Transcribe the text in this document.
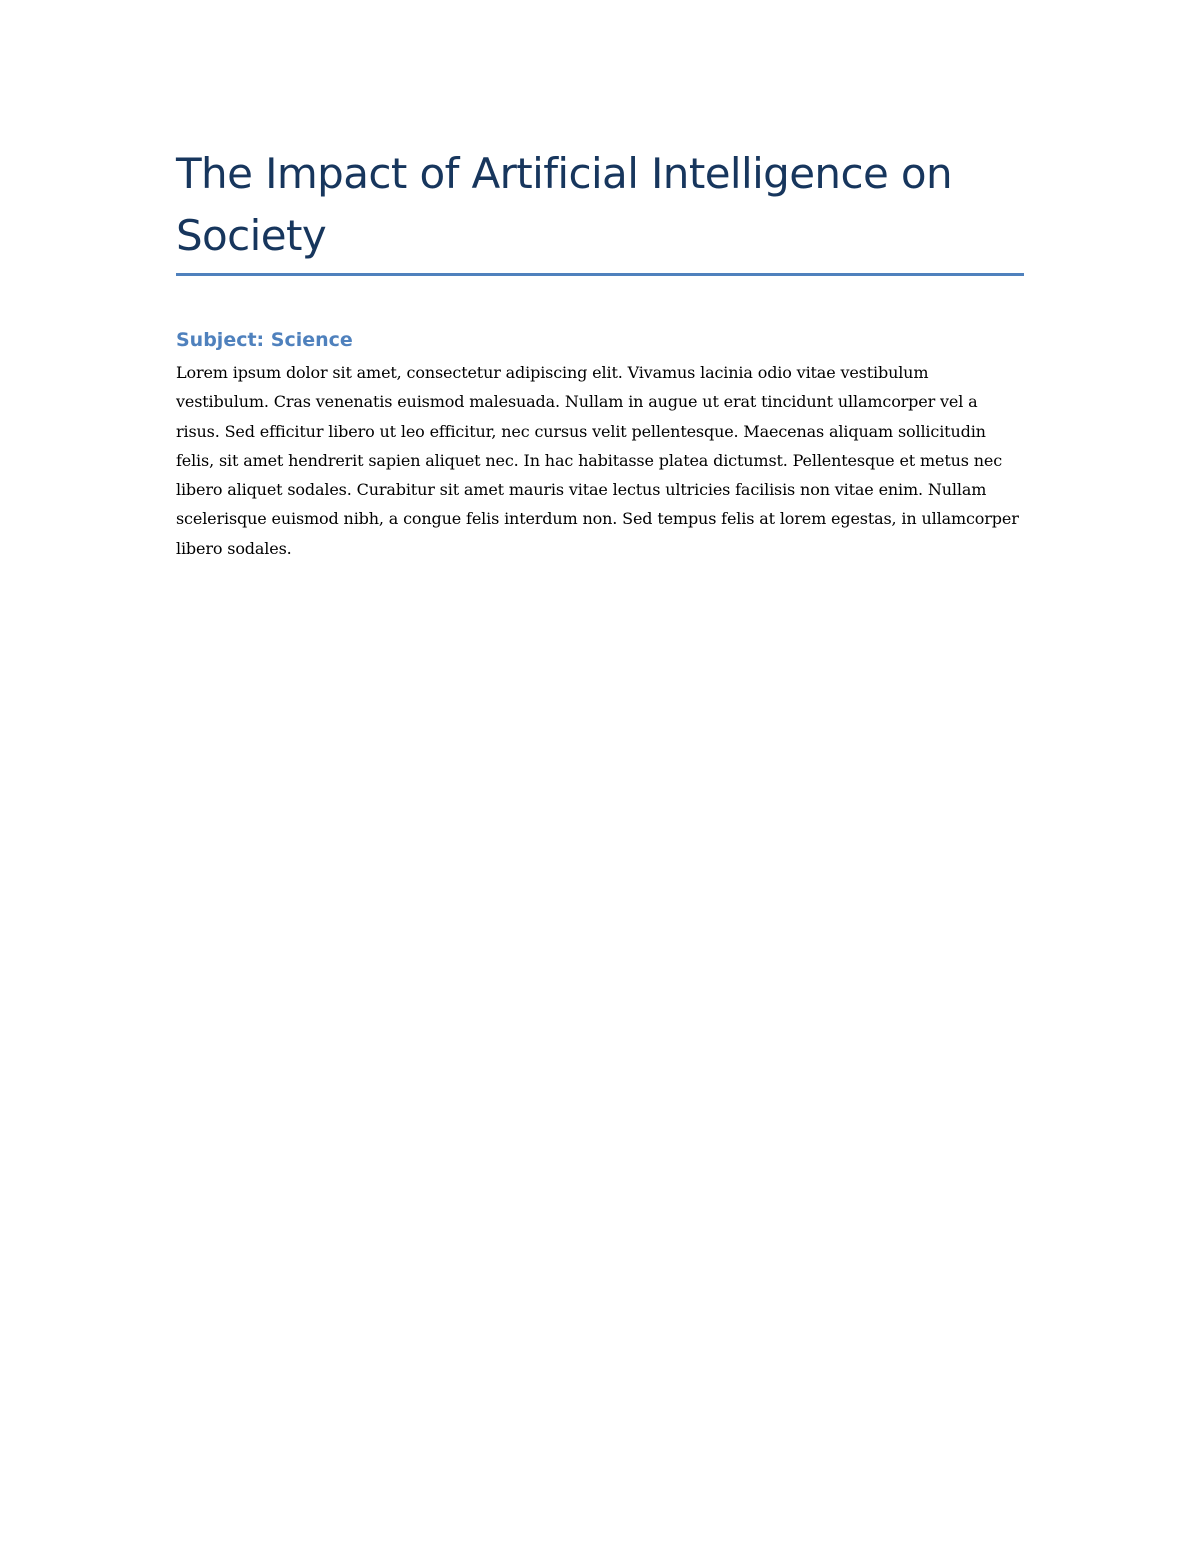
The Impact of Artificial Intelligence on Society
Subject: Science

Lorem ipsum dolor sit amet, consectetur adipiscing elit. Vivamus lacinia odio vitae vestibulum vestibulum. Cras venenatis euismod malesuada. Nullam in augue ut erat tincidunt ullamcorper vel a risus. Sed efficitur libero ut leo efficitur, nec cursus velit pellentesque. Maecenas aliquam sollicitudin felis, sit amet hendrerit sapien aliquet nec. In hac habitasse platea dictumst. Pellentesque et metus nec libero aliquet sodales. Curabitur sit amet mauris vitae lectus ultricies facilisis non vitae enim. Nullam scelerisque euismod nibh, a congue felis interdum non. Sed tempus felis at lorem egestas, in ullamcorper libero sodales.
